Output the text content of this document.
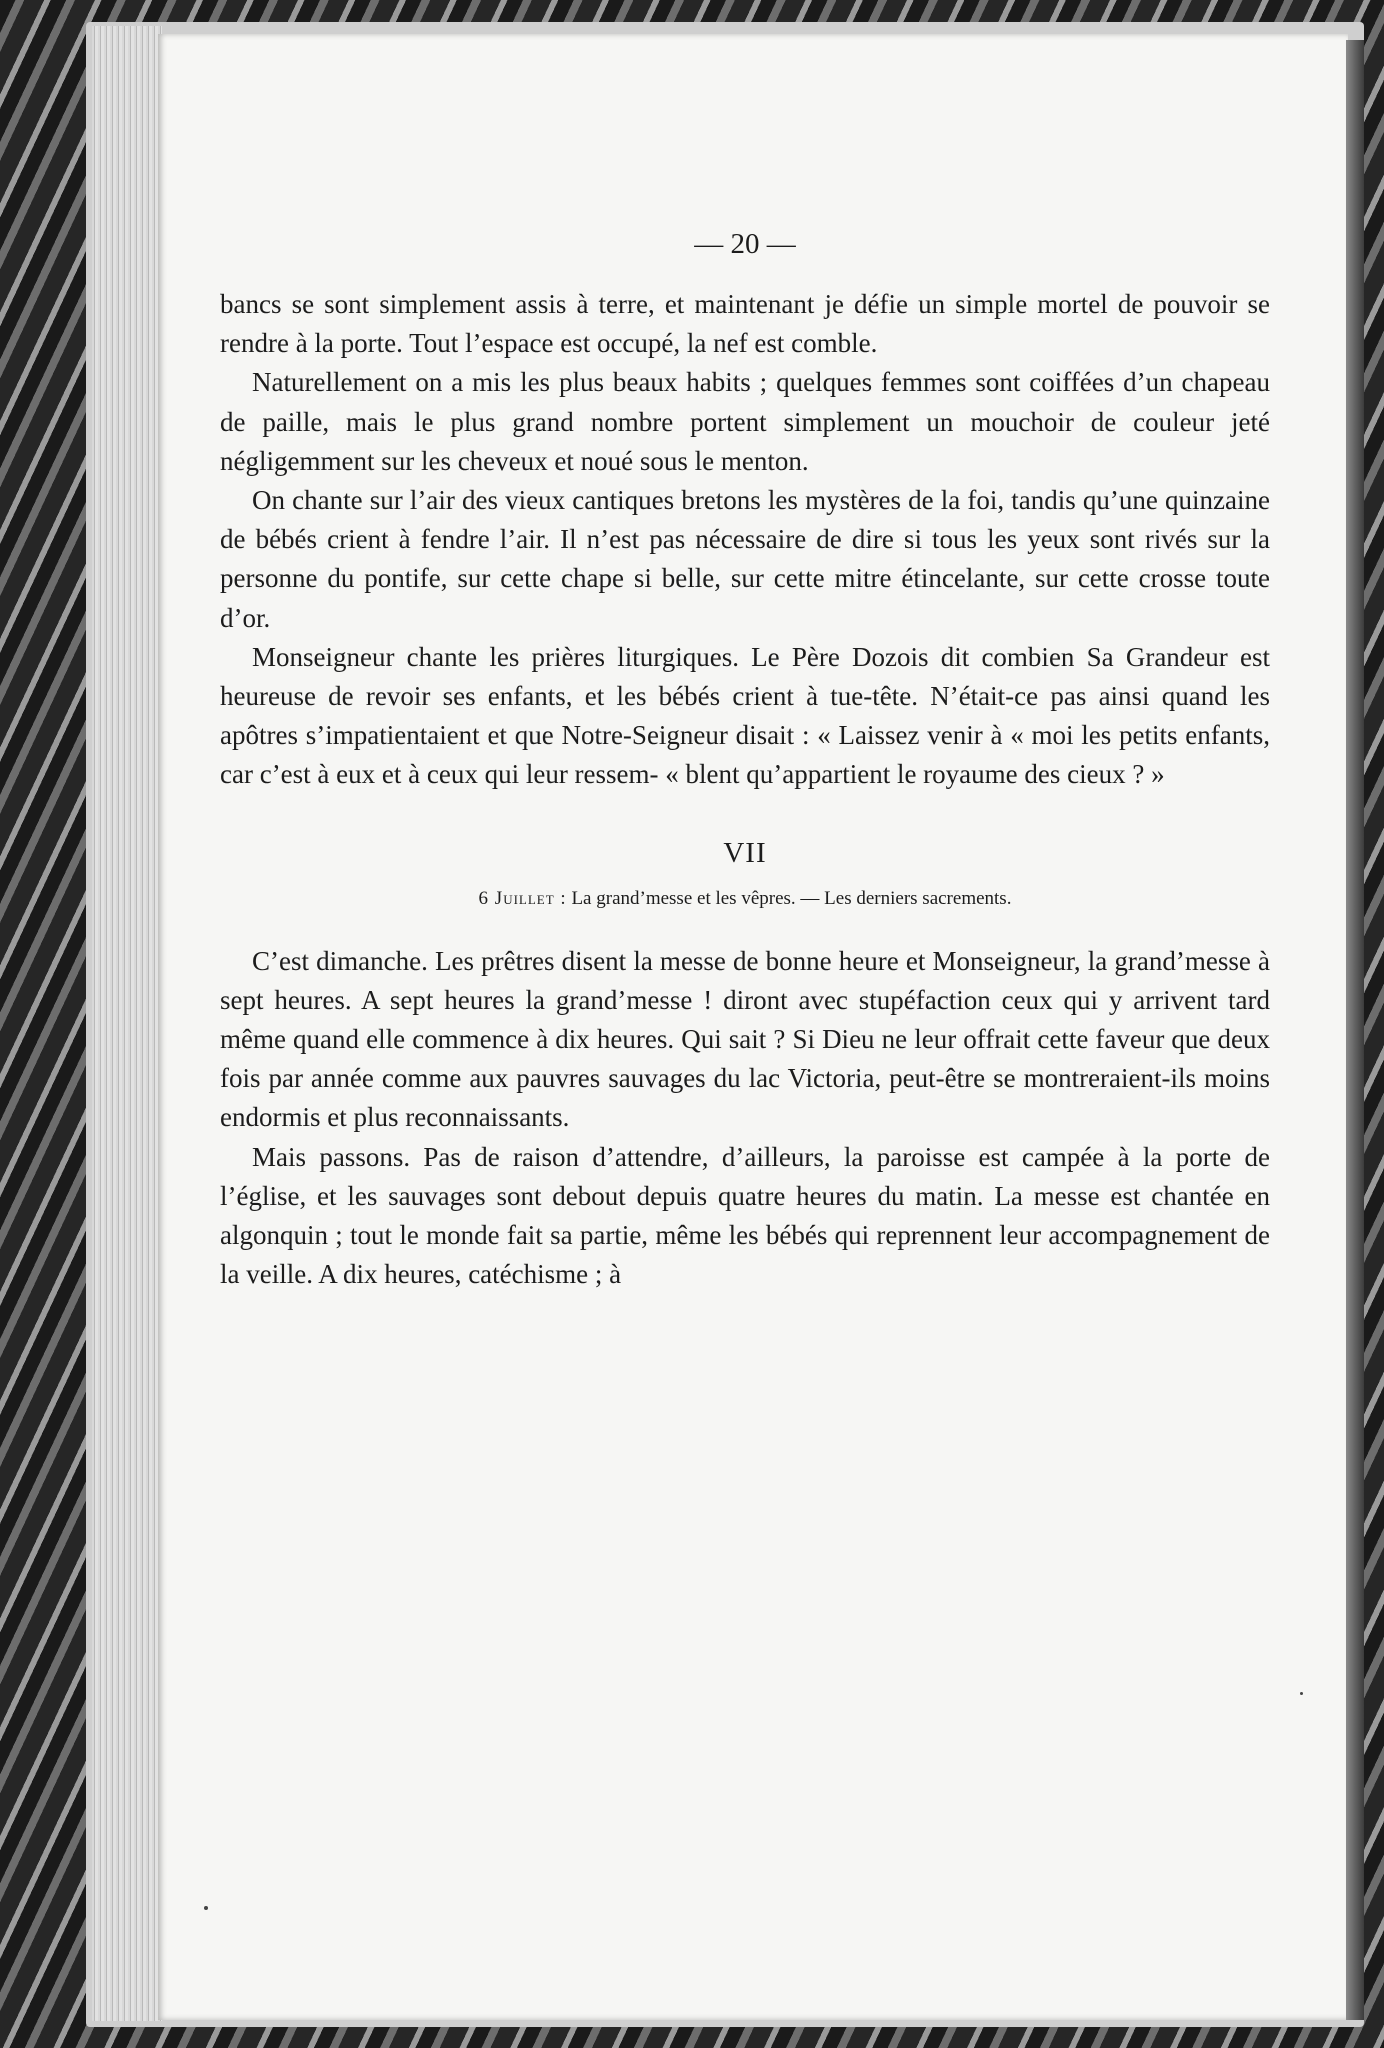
— 20 —

bancs se sont simplement assis à terre, et maintenant je défie un simple mortel de pouvoir se rendre à la porte. Tout l’espace est occupé, la nef est comble.

Naturellement on a mis les plus beaux habits ; quelques femmes sont coiffées d’un chapeau de paille, mais le plus grand nombre portent simplement un mouchoir de couleur jeté négligemment sur les cheveux et noué sous le menton.

On chante sur l’air des vieux cantiques bretons les mystères de la foi, tandis qu’une quinzaine de bébés crient à fendre l’air. Il n’est pas nécessaire de dire si tous les yeux sont rivés sur la personne du pontife, sur cette chape si belle, sur cette mitre étincelante, sur cette crosse toute d’or.

Monseigneur chante les prières liturgiques. Le Père Dozois dit combien Sa Grandeur est heureuse de revoir ses enfants, et les bébés crient à tue-tête. N’était-ce pas ainsi quand les apôtres s’impatientaient et que Notre-Seigneur disait : « Laissez venir à « moi les petits enfants, car c’est à eux et à ceux qui leur ressem- « blent qu’appartient le royaume des cieux ? »

VII
6 Juillet : La grand’messe et les vêpres. — Les derniers sacrements.

C’est dimanche. Les prêtres disent la messe de bonne heure et Monseigneur, la grand’messe à sept heures. A sept heures la grand’messe ! diront avec stupéfaction ceux qui y arrivent tard même quand elle commence à dix heures. Qui sait ? Si Dieu ne leur offrait cette faveur que deux fois par année comme aux pauvres sauvages du lac Victoria, peut-être se montreraient-ils moins endormis et plus reconnaissants.

Mais passons. Pas de raison d’attendre, d’ailleurs, la paroisse est campée à la porte de l’église, et les sauvages sont debout depuis quatre heures du matin. La messe est chantée en algonquin ; tout le monde fait sa partie, même les bébés qui reprennent leur accompagnement de la veille. A dix heures, catéchisme ; à
